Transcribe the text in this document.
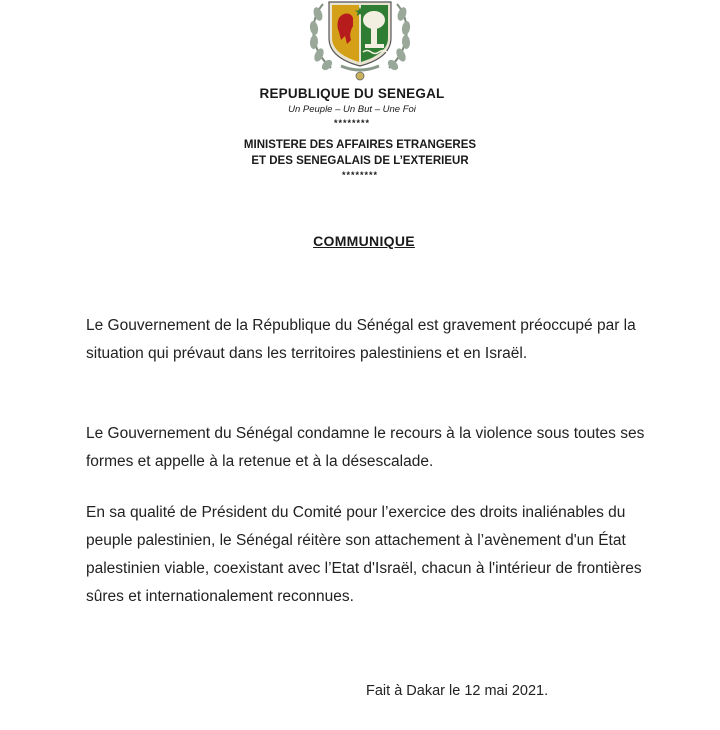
REPUBLIQUE DU SENEGAL
Un Peuple – Un But – Une Foi
********
MINISTERE DES AFFAIRES ETRANGERES
ET DES SENEGALAIS DE L’EXTERIEUR
********
COMMUNIQUE

Le Gouvernement de la République du Sénégal est gravement préoccupé par la situation qui prévaut dans les territoires palestiniens et en Israël.

Le Gouvernement du Sénégal condamne le recours à la violence sous toutes ses formes et appelle à la retenue et à la désescalade.

En sa qualité de Président du Comité pour l’exercice des droits inaliénables du peuple palestinien, le Sénégal réitère son attachement à l’avènement d'un État palestinien viable, coexistant avec l’Etat d'Israël, chacun à l'intérieur de frontières sûres et internationalement reconnues.

Fait à Dakar le 12 mai 2021.
